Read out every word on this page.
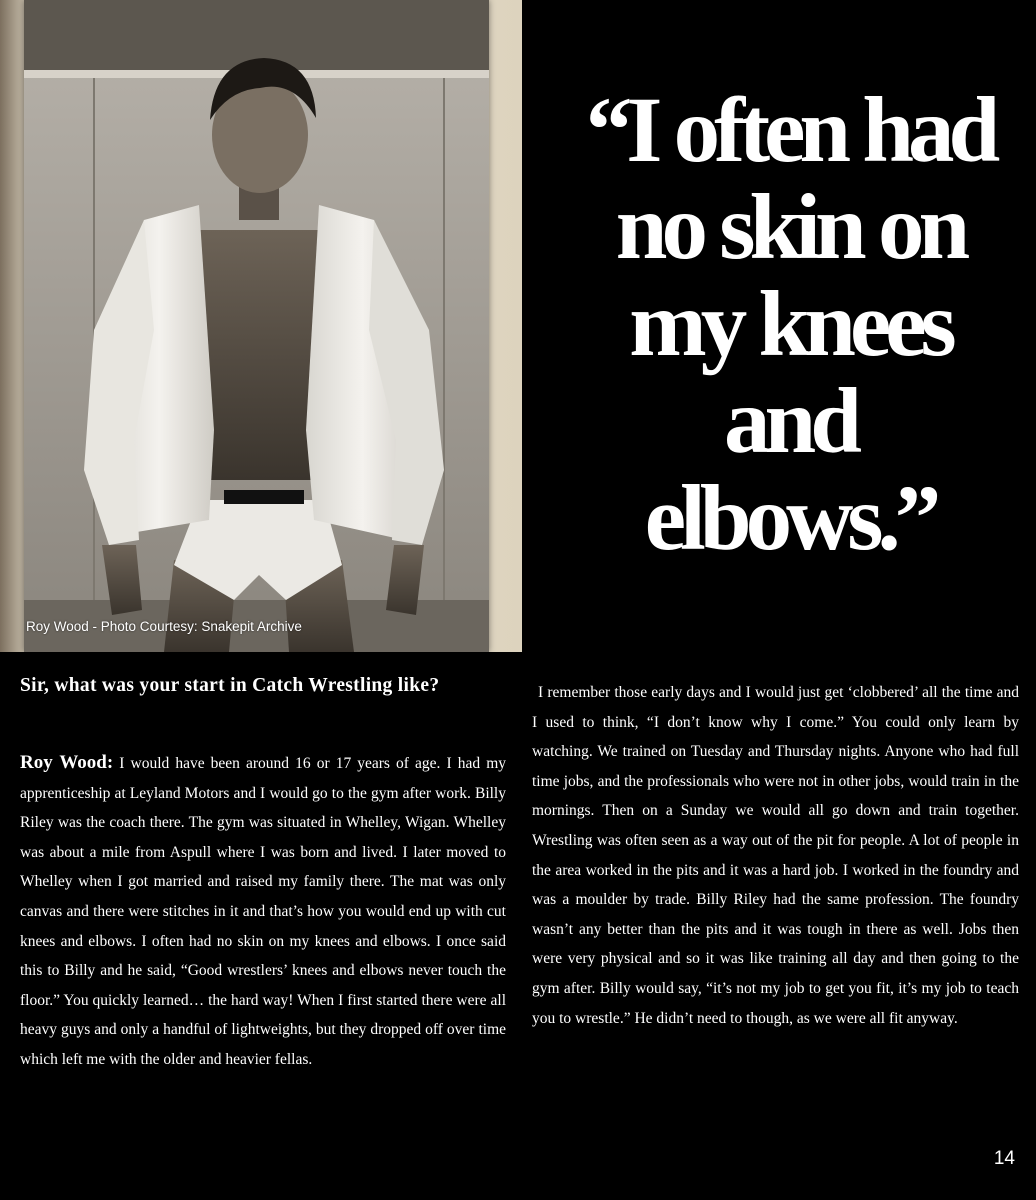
Roy Wood - Photo Courtesy: Snakepit Archive
“I often had
no skin on
my knees
and
elbows.”
Sir, what was your start in Catch Wrestling like?

Roy Wood: I would have been around 16 or 17 years of age. I had my apprenticeship at Leyland Motors and I would go to the gym after work. Billy Riley was the coach there. The gym was situated in Whelley, Wigan. Whelley was about a mile from Aspull where I was born and lived. I later moved to Whelley when I got married and raised my family there. The mat was only canvas and there were stitches in it and that’s how you would end up with cut knees and elbows. I often had no skin on my knees and elbows. I once said this to Billy and he said, “Good wrestlers’ knees and elbows never touch the floor.” You quickly learned… the hard way! When I first started there were all heavy guys and only a handful of lightweights, but they dropped off over time which left me with the older and heavier fellas.

I remember those early days and I would just get ‘clobbered’ all the time and I used to think, “I don’t know why I come.” You could only learn by watching. We trained on Tuesday and Thursday nights. Anyone who had full time jobs, and the professionals who were not in other jobs, would train in the mornings. Then on a Sunday we would all go down and train together. Wrestling was often seen as a way out of the pit for people. A lot of people in the area worked in the pits and it was a hard job. I worked in the foundry and was a moulder by trade. Billy Riley had the same profession. The foundry wasn’t any better than the pits and it was tough in there as well. Jobs then were very physical and so it was like training all day and then going to the gym after. Billy would say, “it’s not my job to get you fit, it’s my job to teach you to wrestle.” He didn’t need to though, as we were all fit anyway.

14
